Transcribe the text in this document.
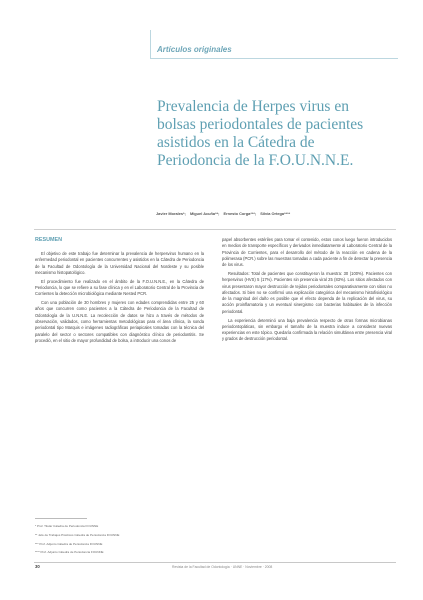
Artículos originales
Prevalencia de Herpes virus en
bolsas periodontales de pacientes
asistidos en la Cátedra de
Periodoncia de la F.O.U.N.N.E.
Javier Morales*; Miguel Acuña**; Ernesto Corga***; Silvia Ortega****
RESUMEN

El objetivo de este trabajo fue determinar la prevalencia de herpesvirus humano en la enfermedad periodontal en pacientes concurrentes y asistidos en la Cátedra de Periodoncia de la Facultad de Odontología de la Universidad Nacional del Nordeste y su posible mecanismo histopatológico.

El procedimiento fue realizado en el ámbito de la F.O.U.N.N.E., en la Cátedra de Periodoncia, lo que se refiere a su fase clínica y en el Laboratorio Central de la Provincia de Corrientes la detección microbiológica mediante Nested PCR.

Con una población de 30 hombres y mujeres con edades comprendidas entre 25 y 60 años que concurren como pacientes a la Cátedra de Periodoncia de la Facultad de Odontología de la U.N.N.E. La recolección de datos se hizo a través de métodos de observación, validados, como herramientas metodológicas para el área clínica, la sonda periodontal tipo Marquis e imágenes radiográficas periapicales tomadas con la técnica del paralelo del sector o sectores compatibles con diagnóstico clínico de periodontitis. Se procedió, en el sitio de mayor profundidad de bolsa, a introducir una conos de

papel absorbentes estériles para tomar el contenido, estos conos luego fueron introducidos en medios de transporte específicos y derivados inmediatamente al Laboratorio Central de la Provincia de Corrientes, para el desarrollo del método de la reacción en cadena de la polimerasa (PCR.) sobre las muestras tomadas a cada paciente a fin de detectar la presencia de los virus.

Resultados: Total de pacientes que constituyeron la muestra: 30 (100%). Pacientes con herpesvirus (HVS) 5 (17%). Pacientes sin presencia viral 25 (83%). Los sitios afectados con virus presentaron mayor destrucción de tejidos periodontales comparativamente con sitios no afectados. Si bien no se confirmó una explicación categórica del mecanismo histofisiológico de la magnitud del daño es posible que el efecto dependa de la replicación del virus, su acción proinflamatoria y un eventual sinergismo con bacterias habituales de la infección periodontal.

La experiencia determinó una baja prevalencia respecto de otras formas microbianas periodontopáticas, sin embargo el tamaño de la muestra induce a considerar nuevas experiencias en este tópico. Quedaría confirmada la relación simultánea entre presencia viral y grados de destrucción periodontal.

* Prof. Titular Cátedra de Periodoncia FOUNNE
** Jefe de Trabajos Prácticos Cátedra de Periodoncia FOUNNE
*** Prof. Adjunto Cátedra de Periodoncia FOUNNE
**** Prof. Adjunto Cátedra de Periodoncia FOUNNE
30	Revista de la Facultad de Odontología · UNNE · Noviembre · 2008
